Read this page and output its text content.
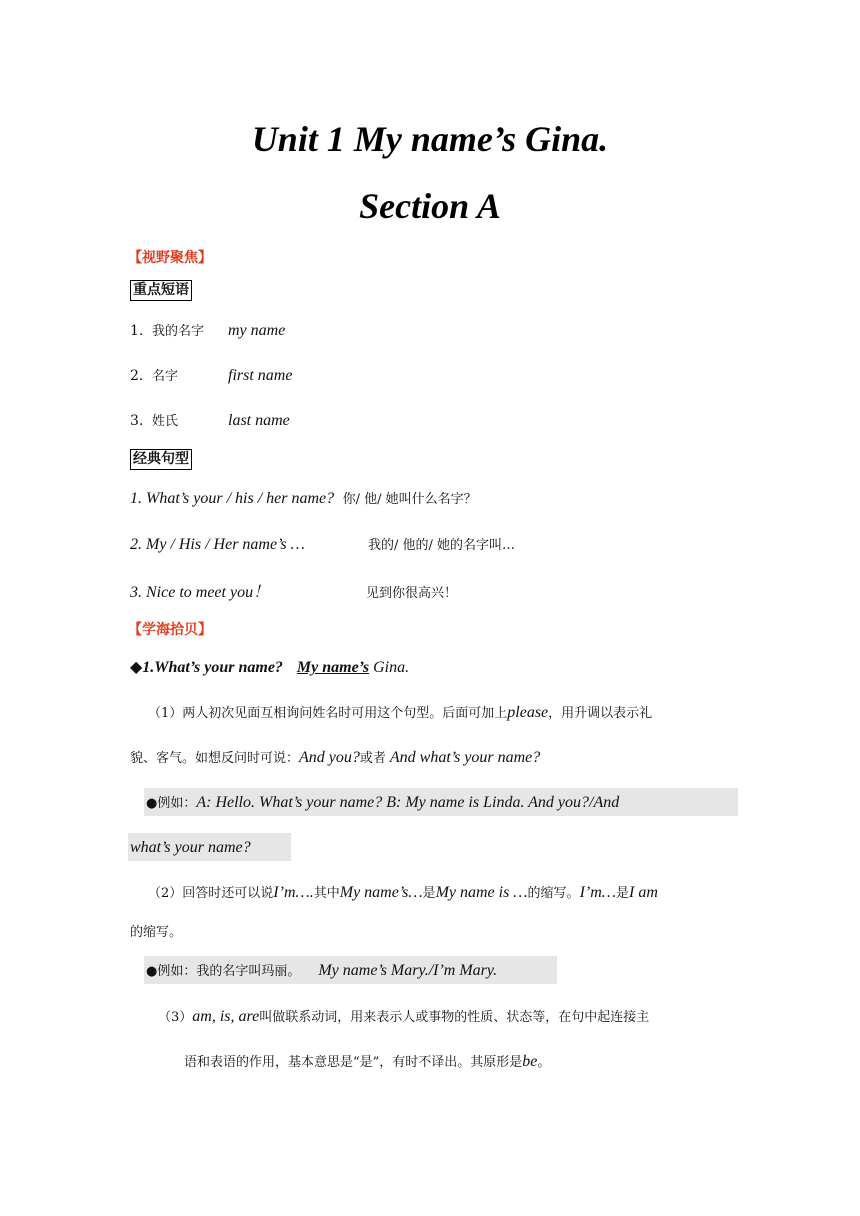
Unit 1 My name’s Gina.
Section A
【视野聚焦】
重点短语
1. 我的名字 my name
2. 名字	first name
3. 姓氏	last name
经典句型
1. What’s your / his / her name? 你/ 他/ 她叫什么名字？
2. My / His / Her name’s …	我的/ 他的/ 她的名字叫…
3. Nice to meet you！	见到你很高兴！
【学海拾贝】
◆1.What’s your name? My name’s Gina.
（1）两人初次见面互相询问姓名时可用这个句型。后面可加上please，用升调以表示礼
貌、客气。如想反问时可说：And you?或者 And what’s your name?
●例如：A: Hello. What’s your name? B: My name is Linda. And you?/And
what’s your name?
（2）回答时还可以说I’m….其中My name’s…是My name is …的缩写。I’m…是I am
的缩写。
●例如：我的名字叫玛丽。 My name’s Mary./I’m Mary.
（3）am, is, are叫做联系动词，用来表示人或事物的性质、状态等，在句中起连接主
语和表语的作用，基本意思是“是”，有时不译出。其原形是be。
